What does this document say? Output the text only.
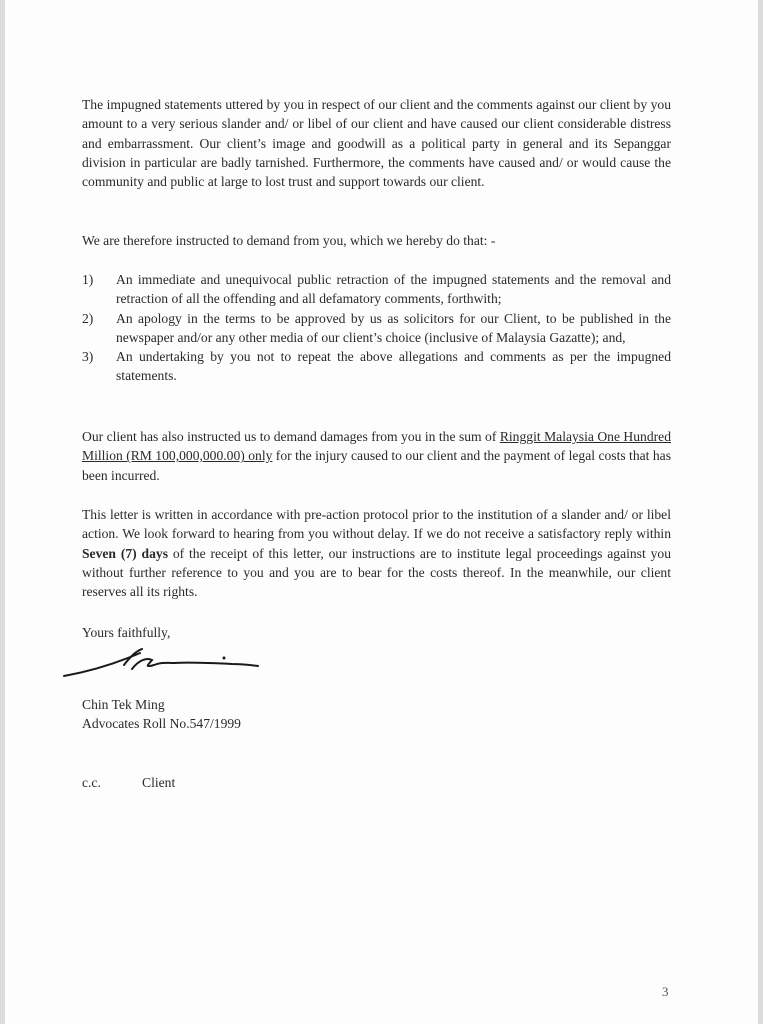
The impugned statements uttered by you in respect of our client and the comments against our client by you amount to a very serious slander and/ or libel of our client and have caused our client considerable distress and embarrassment. Our client’s image and goodwill as a political party in general and its Sepanggar division in particular are badly tarnished. Furthermore, the comments have caused and/ or would cause the community and public at large to lost trust and support towards our client.

We are therefore instructed to demand from you, which we hereby do that: -

1)	An immediate and unequivocal public retraction of the impugned statements and the removal and retraction of all the offending and all defamatory comments, forthwith;
2)	An apology in the terms to be approved by us as solicitors for our Client, to be published in the newspaper and/or any other media of our client’s choice (inclusive of Malaysia Gazatte); and,
3)	An undertaking by you not to repeat the above allegations and comments as per the impugned statements.

Our client has also instructed us to demand damages from you in the sum of Ringgit Malaysia One Hundred Million (RM 100,000,000.00) only for the injury caused to our client and the payment of legal costs that has been incurred.

This letter is written in accordance with pre-action protocol prior to the institution of a slander and/ or libel action. We look forward to hearing from you without delay. If we do not receive a satisfactory reply within Seven (7) days of the receipt of this letter, our instructions are to institute legal proceedings against you without further reference to you and you are to bear for the costs thereof. In the meanwhile, our client reserves all its rights.

Yours faithfully,
Chin Tek Ming
Advocates Roll No.547/1999
c.c.	Client
3
